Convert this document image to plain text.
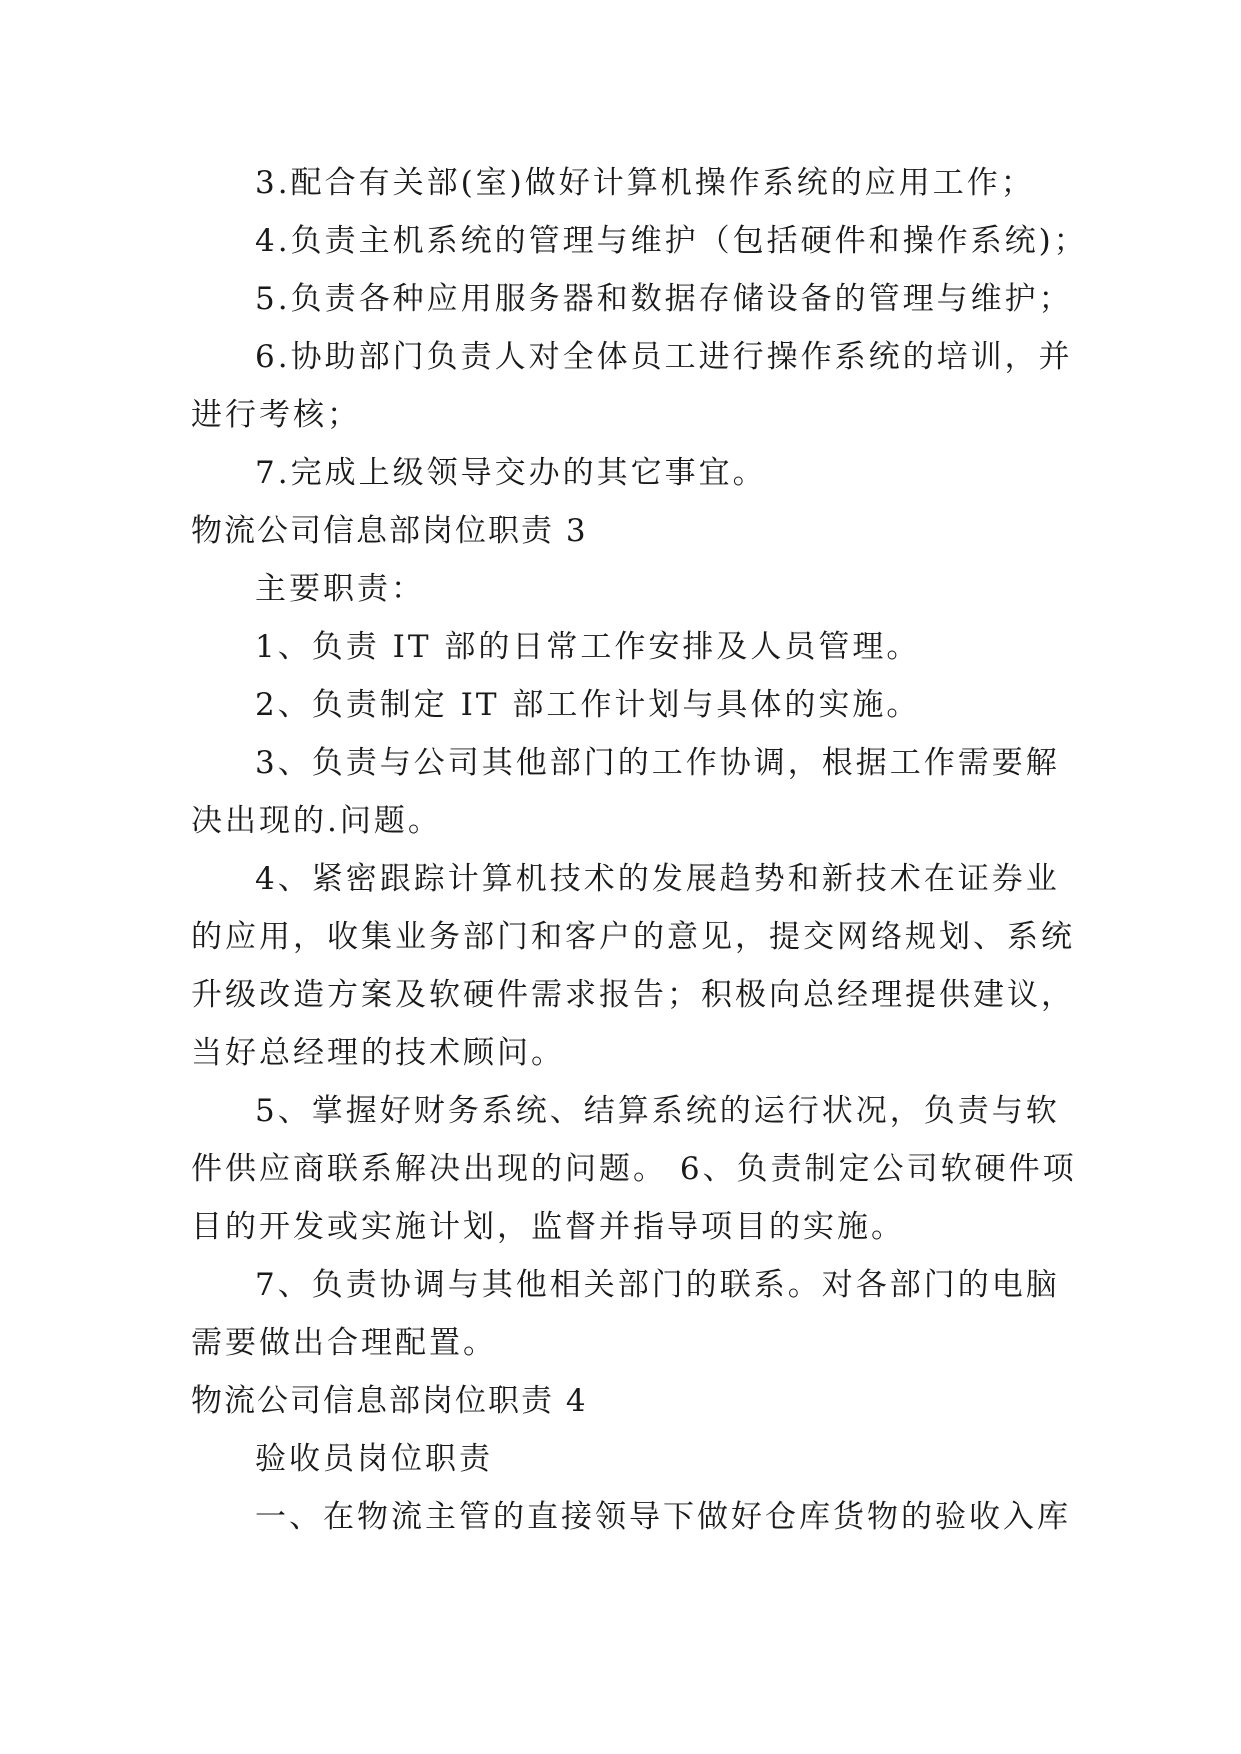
3.配合有关部(室)做好计算机操作系统的应用工作；
4.负责主机系统的管理与维护（包括硬件和操作系统)；
5.负责各种应用服务器和数据存储设备的管理与维护；
6.协助部门负责人对全体员工进行操作系统的培训，并
进行考核；
7.完成上级领导交办的其它事宜。
物流公司信息部岗位职责 3
主要职责：
1、负责 IT 部的日常工作安排及人员管理。
2、负责制定 IT 部工作计划与具体的实施。
3、负责与公司其他部门的工作协调，根据工作需要解
决出现的.问题。
4、紧密跟踪计算机技术的发展趋势和新技术在证券业
的应用，收集业务部门和客户的意见，提交网络规划、系统
升级改造方案及软硬件需求报告；积极向总经理提供建议，
当好总经理的技术顾问。
5、掌握好财务系统、结算系统的运行状况，负责与软
件供应商联系解决出现的问题。 6、负责制定公司软硬件项
目的开发或实施计划，监督并指导项目的实施。
7、负责协调与其他相关部门的联系。对各部门的电脑
需要做出合理配置。
物流公司信息部岗位职责 4
验收员岗位职责
一、在物流主管的直接领导下做好仓库货物的验收入库
